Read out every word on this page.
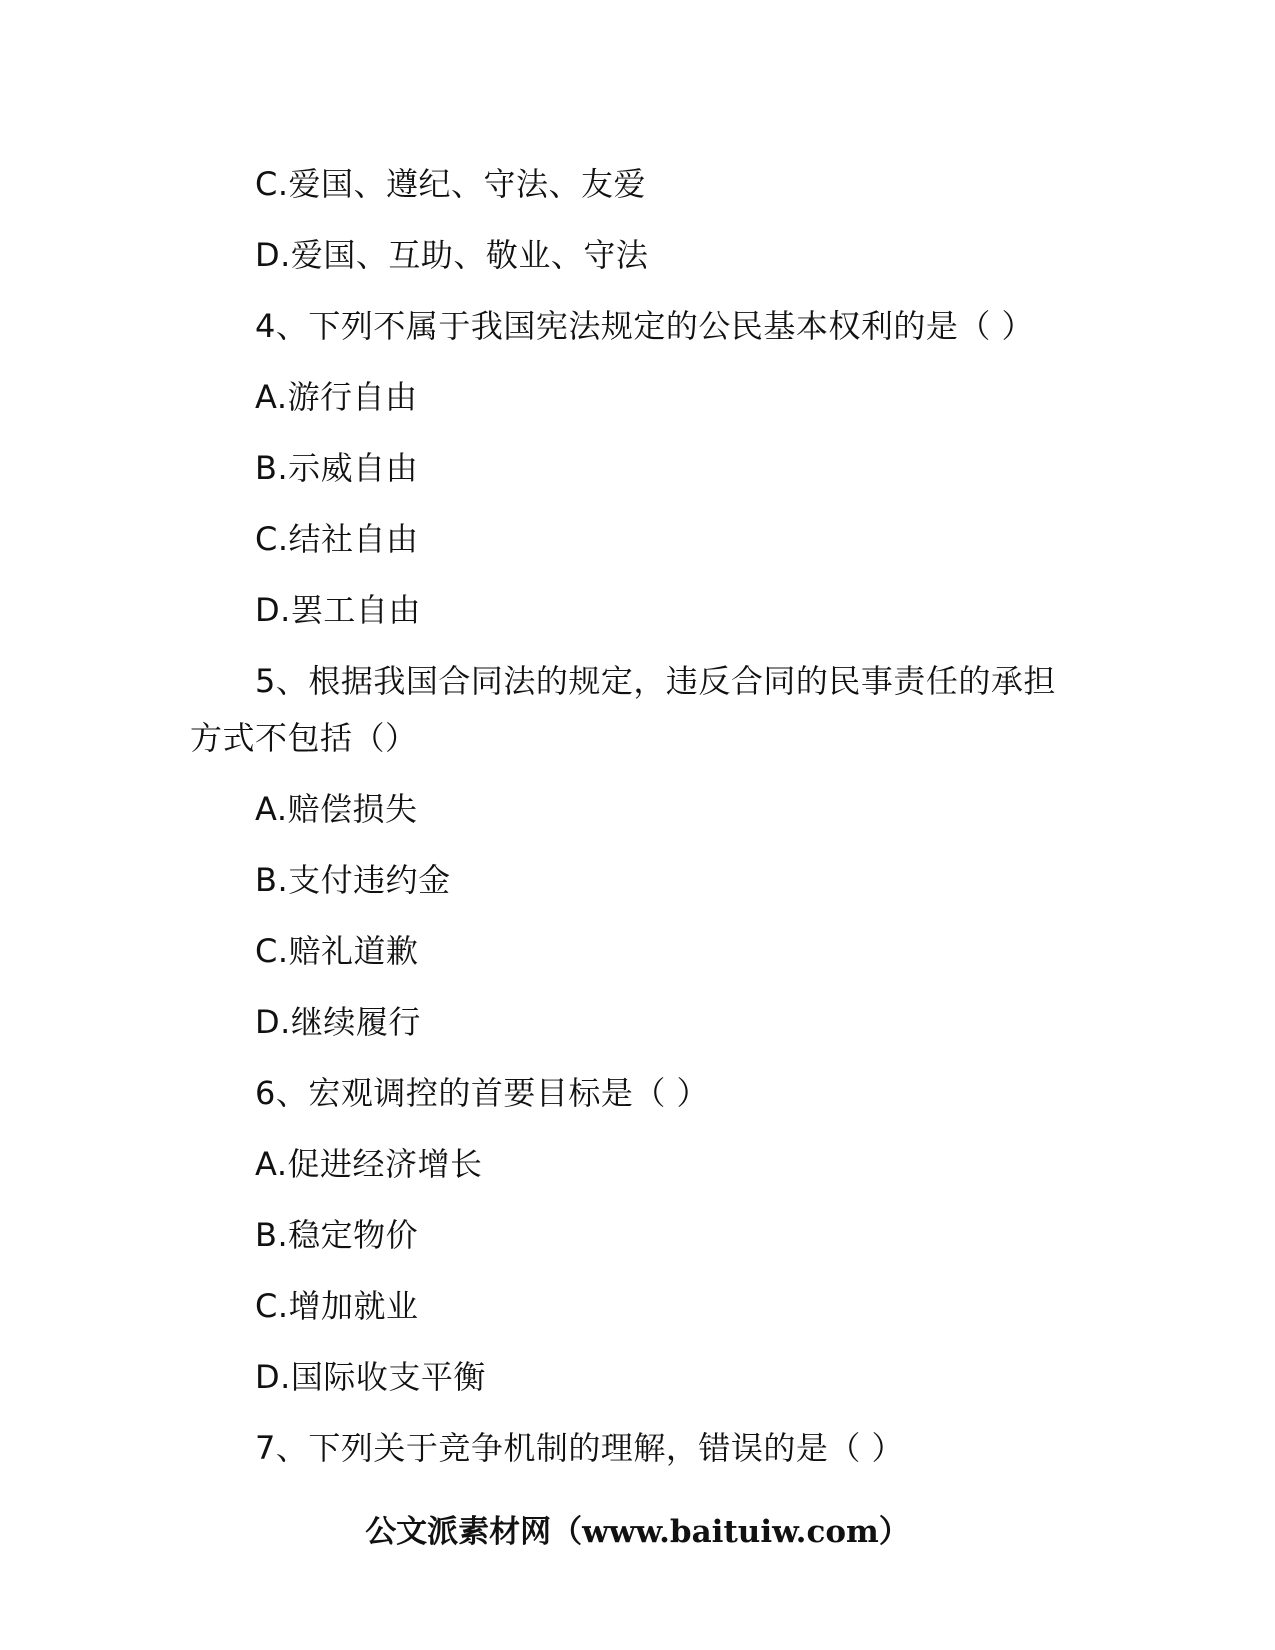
C.爱国、遵纪、守法、友爱
D.爱国、互助、敬业、守法
4、下列不属于我国宪法规定的公民基本权利的是（ ）
A.游行自由
B.示威自由
C.结社自由
D.罢工自由
5、根据我国合同法的规定，违反合同的民事责任的承担
方式不包括（）
A.赔偿损失
B.支付违约金
C.赔礼道歉
D.继续履行
6、宏观调控的首要目标是（ ）
A.促进经济增长
B.稳定物价
C.增加就业
D.国际收支平衡
7、下列关于竞争机制的理解，错误的是（ ）
公文派素材网（www.baituiw.com）
